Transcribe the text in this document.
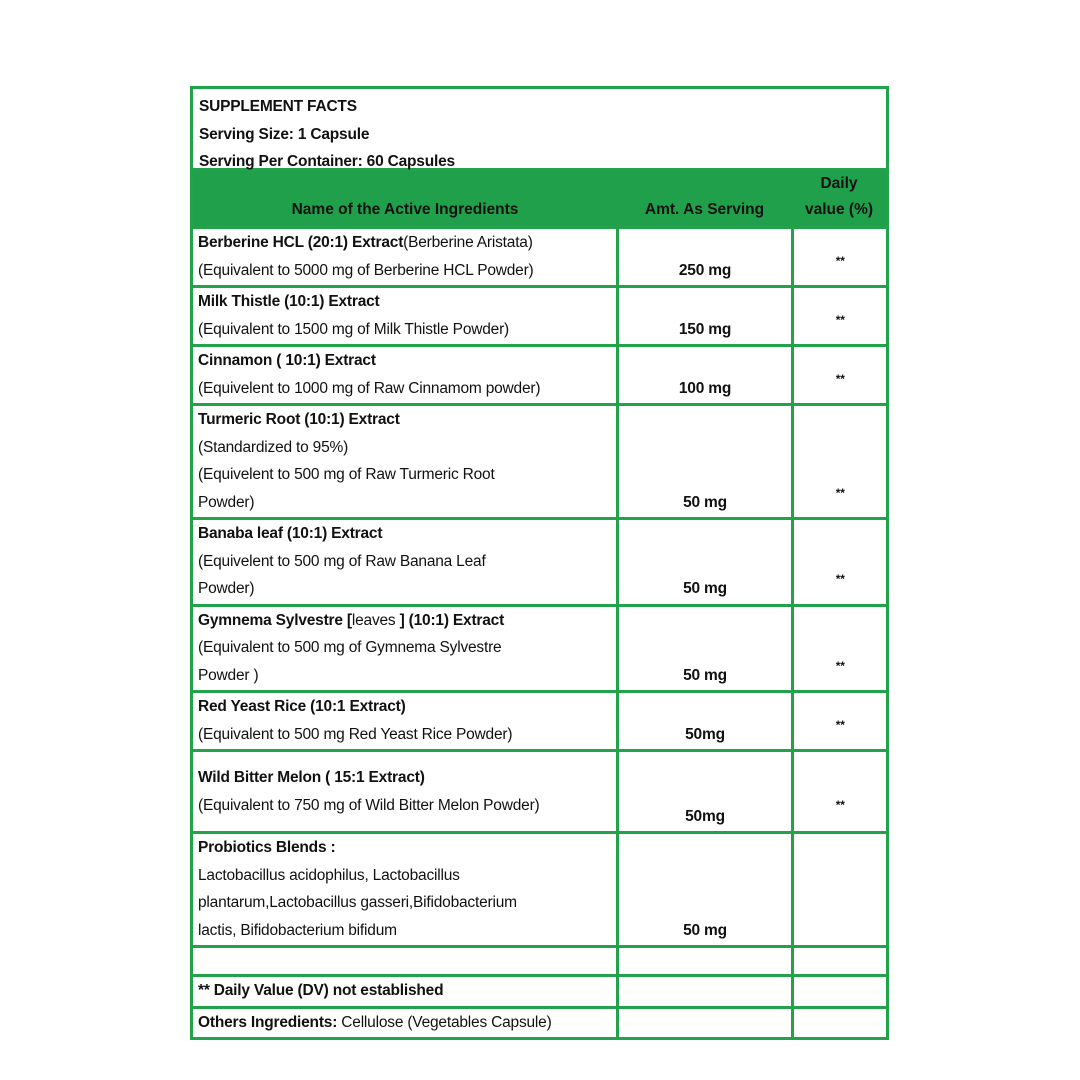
SUPPLEMENT FACTS
Serving Size: 1 Capsule
Serving Per Container: 60 Capsules
Name of the Active Ingredients	Amt. As Serving	Daily
value (%)

Berberine HCL (20:1) Extract(Berberine Aristata)
(Equivalent to 5000 mg of Berberine HCL Powder)	250 mg	**

Milk Thistle (10:1) Extract
(Equivalent to 1500 mg of Milk Thistle Powder)	150 mg	**

Cinnamon ( 10:1) Extract
(Equivelent to 1000 mg of Raw Cinnamom powder)	100 mg	**

Turmeric Root (10:1) Extract
(Standardized to 95%)
(Equivelent to 500 mg of Raw Turmeric Root
Powder)	50 mg	**

Banaba leaf (10:1) Extract
(Equivelent to 500 mg of Raw Banana Leaf
Powder)	50 mg	**

Gymnema Sylvestre [leaves ] (10:1) Extract
(Equivalent to 500 mg of Gymnema Sylvestre
Powder )	50 mg	**

Red Yeast Rice (10:1 Extract)
(Equivalent to 500 mg Red Yeast Rice Powder)	50mg	**

Wild Bitter Melon ( 15:1 Extract)
(Equivalent to 750 mg of Wild Bitter Melon Powder)	50mg	**

Probiotics Blends :
Lactobacillus acidophilus, Lactobacillus
plantarum,Lactobacillus gasseri,Bifidobacterium
lactis, Bifidobacterium bifidum	50 mg	

** Daily Value (DV) not established		
Others Ingredients: Cellulose (Vegetables Capsule)		
